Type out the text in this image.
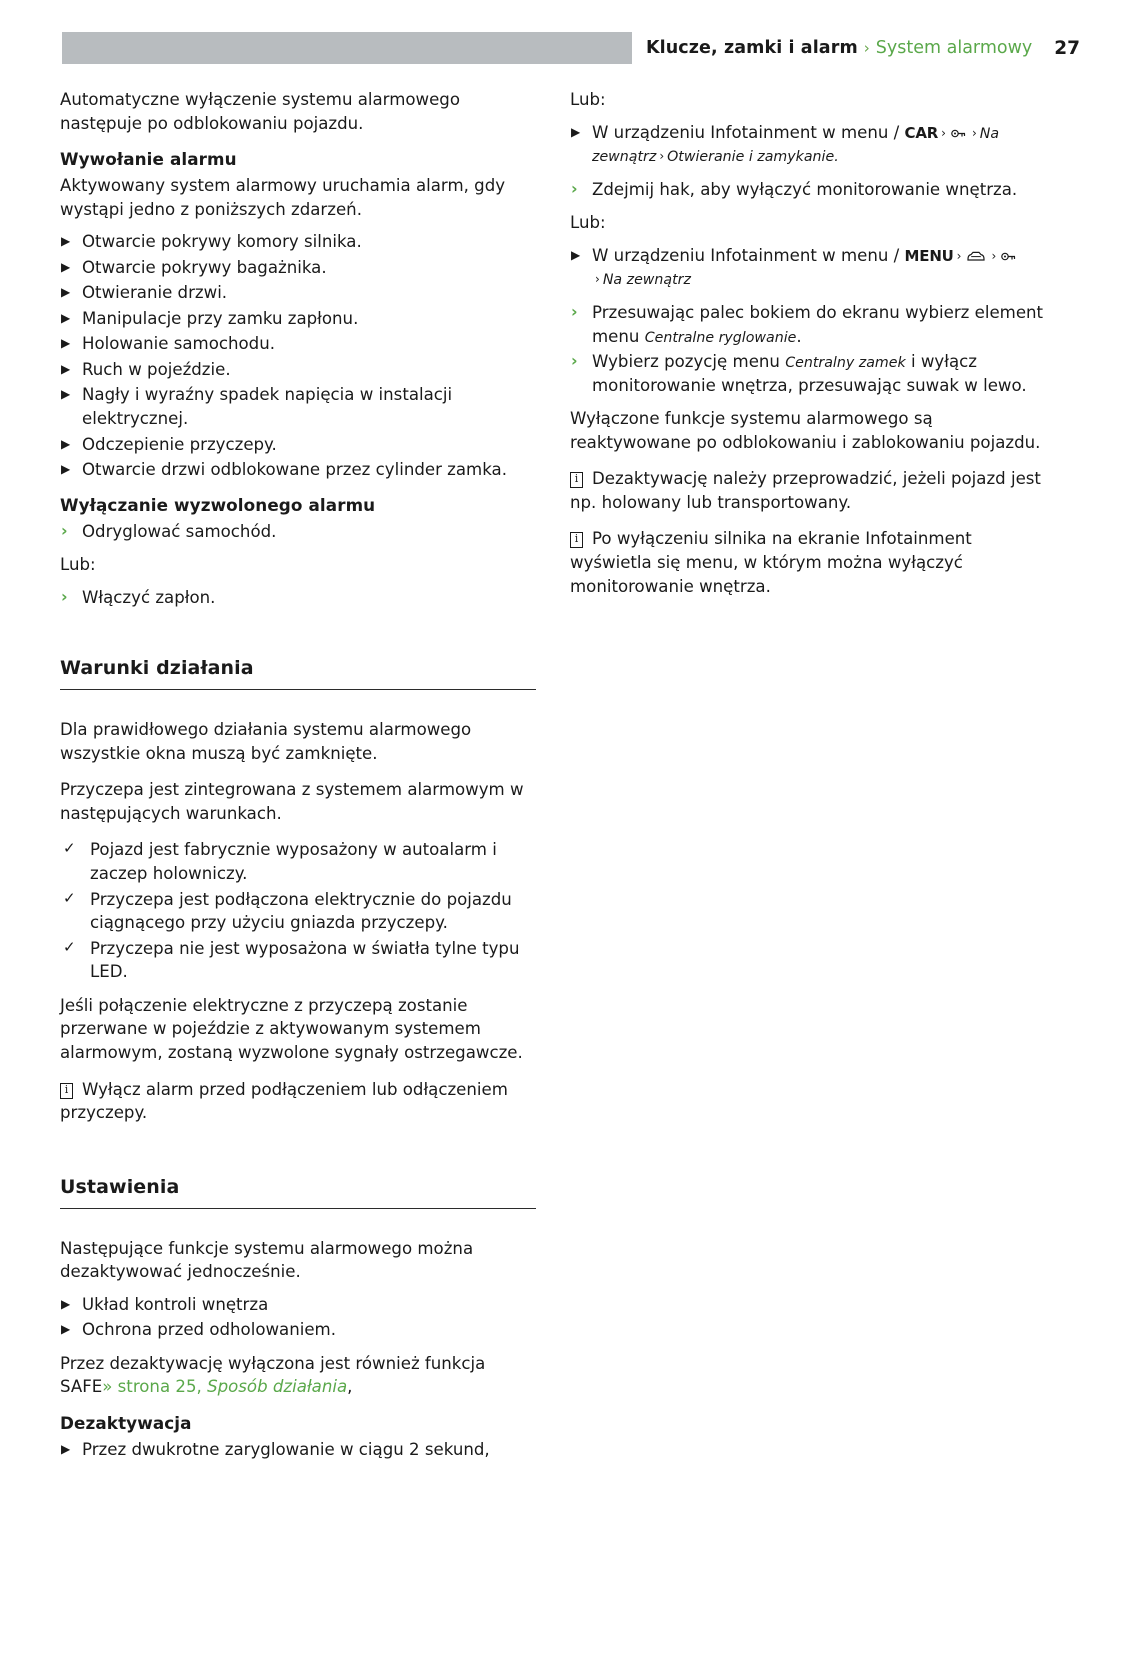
Klucze, zamki i alarm › System alarmowy 27

Automatyczne wyłączenie systemu alarmowego następuje po odblokowaniu pojazdu.

Wywołanie alarmu

Aktywowany system alarmowy uruchamia alarm, gdy wystąpi jedno z poniższych zdarzeń.

▶ Otwarcie pokrywy komory silnika.
▶ Otwarcie pokrywy bagażnika.
▶ Otwieranie drzwi.
▶ Manipulacje przy zamku zapłonu.
▶ Holowanie samochodu.
▶ Ruch w pojeździe.
▶ Nagły i wyraźny spadek napięcia w instalacji elektrycznej.
▶ Odczepienie przyczepy.
▶ Otwarcie drzwi odblokowane przez cylinder zamka.
Wyłączanie wyzwolonego alarmu
› Odryglować samochód.

Lub:

› Włączyć zapłon.
Warunki działania

Dla prawidłowego działania systemu alarmowego wszystkie okna muszą być zamknięte.

Przyczepa jest zintegrowana z systemem alarmowym w następujących warunkach.

✓ Pojazd jest fabrycznie wyposażony w autoalarm i zaczep holowniczy.
✓ Przyczepa jest podłączona elektrycznie do pojazdu ciągnącego przy użyciu gniazda przyczepy.
✓ Przyczepa nie jest wyposażona w światła tylne typu LED.

Jeśli połączenie elektryczne z przyczepą zostanie przerwane w pojeździe z aktywowanym systemem alarmowym, zostaną wyzwolone sygnały ostrzegawcze.

i Wyłącz alarm przed podłączeniem lub odłączeniem przyczepy.

Ustawienia

Następujące funkcje systemu alarmowego można dezaktywować jednocześnie.

▶ Układ kontroli wnętrza
▶ Ochrona przed odholowaniem.

Przez dezaktywację wyłączona jest również funkcja SAFE» strona 25, Sposób działania,

Dezaktywacja
▶ Przez dwukrotne zaryglowanie w ciągu 2 sekund,

Lub:

▶ W urządzeniu Infotainment w menu / CAR › › Na zewnątrz › Otwieranie i zamykanie.
› Zdejmij hak, aby wyłączyć monitorowanie wnętrza.

Lub:

▶ W urządzeniu Infotainment w menu / MENU ›	›

› Na zewnątrz
› Przesuwając palec bokiem do ekranu wybierz element menu Centralne ryglowanie.
› Wybierz pozycję menu Centralny zamek i wyłącz monitorowanie wnętrza, przesuwając suwak w lewo.

Wyłączone funkcje systemu alarmowego są reaktywowane po odblokowaniu i zablokowaniu pojazdu.

i Dezaktywację należy przeprowadzić, jeżeli pojazd jest np. holowany lub transportowany.

i Po wyłączeniu silnika na ekranie Infotainment wyświetla się menu, w którym można wyłączyć monitorowanie wnętrza.
